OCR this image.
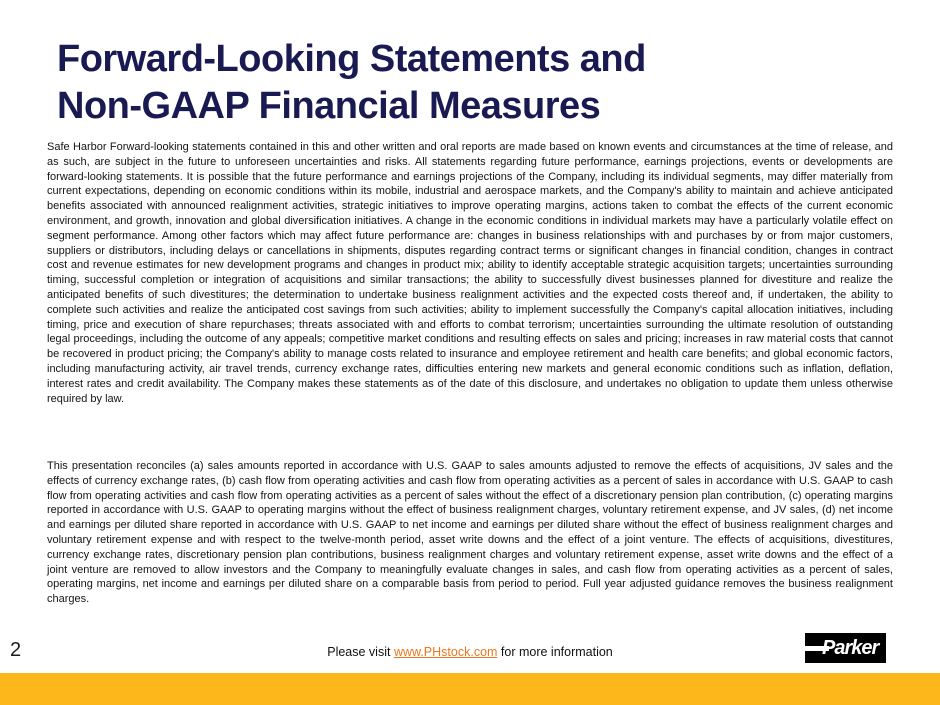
Forward-Looking Statements and
Non-GAAP Financial Measures
Safe Harbor Forward-looking statements contained in this and other written and oral reports are made based on known events and circumstances at the time of release, and as such, are subject in the future to unforeseen uncertainties and risks. All statements regarding future performance, earnings projections, events or developments are forward-looking statements. It is possible that the future performance and earnings projections of the Company, including its individual segments, may differ materially from current expectations, depending on economic conditions within its mobile, industrial and aerospace markets, and the Company's ability to maintain and achieve anticipated benefits associated with announced realignment activities, strategic initiatives to improve operating margins, actions taken to combat the effects of the current economic environment, and growth, innovation and global diversification initiatives. A change in the economic conditions in individual markets may have a particularly volatile effect on segment performance. Among other factors which may affect future performance are: changes in business relationships with and purchases by or from major customers, suppliers or distributors, including delays or cancellations in shipments, disputes regarding contract terms or significant changes in financial condition, changes in contract cost and revenue estimates for new development programs and changes in product mix; ability to identify acceptable strategic acquisition targets; uncertainties surrounding timing, successful completion or integration of acquisitions and similar transactions; the ability to successfully divest businesses planned for divestiture and realize the anticipated benefits of such divestitures; the determination to undertake business realignment activities and the expected costs thereof and, if undertaken, the ability to complete such activities and realize the anticipated cost savings from such activities; ability to implement successfully the Company's capital allocation initiatives, including timing, price and execution of share repurchases; threats associated with and efforts to combat terrorism; uncertainties surrounding the ultimate resolution of outstanding legal proceedings, including the outcome of any appeals; competitive market conditions and resulting effects on sales and pricing; increases in raw material costs that cannot be recovered in product pricing; the Company's ability to manage costs related to insurance and employee retirement and health care benefits; and global economic factors, including manufacturing activity, air travel trends, currency exchange rates, difficulties entering new markets and general economic conditions such as inflation, deflation, interest rates and credit availability. The Company makes these statements as of the date of this disclosure, and undertakes no obligation to update them unless otherwise required by law.
This presentation reconciles (a) sales amounts reported in accordance with U.S. GAAP to sales amounts adjusted to remove the effects of acquisitions, JV sales and the effects of currency exchange rates, (b) cash flow from operating activities and cash flow from operating activities as a percent of sales in accordance with U.S. GAAP to cash flow from operating activities and cash flow from operating activities as a percent of sales without the effect of a discretionary pension plan contribution, (c) operating margins reported in accordance with U.S. GAAP to operating margins without the effect of business realignment charges, voluntary retirement expense, and JV sales, (d) net income and earnings per diluted share reported in accordance with U.S. GAAP to net income and earnings per diluted share without the effect of business realignment charges and voluntary retirement expense and with respect to the twelve-month period, asset write downs and the effect of a joint venture. The effects of acquisitions, divestitures, currency exchange rates, discretionary pension plan contributions, business realignment charges and voluntary retirement expense, asset write downs and the effect of a joint venture are removed to allow investors and the Company to meaningfully evaluate changes in sales, and cash flow from operating activities as a percent of sales, operating margins, net income and earnings per diluted share on a comparable basis from period to period. Full year adjusted guidance removes the business realignment charges.
2	Please visit www.PHstock.com for more information	Parker
